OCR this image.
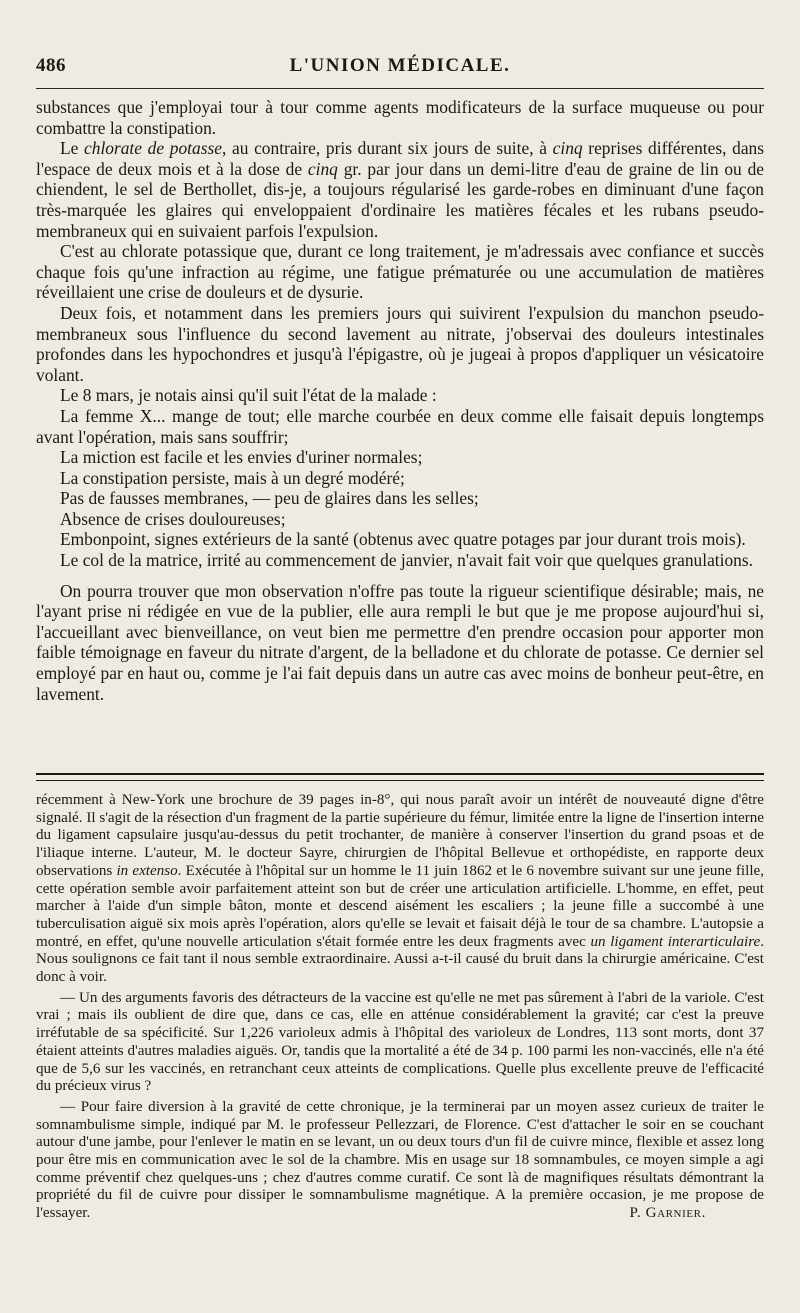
486	L'UNION MÉDICALE.

substances que j'employai tour à tour comme agents modificateurs de la surface muqueuse ou pour combattre la constipation.

Le chlorate de potasse, au contraire, pris durant six jours de suite, à cinq reprises différentes, dans l'espace de deux mois et à la dose de cinq gr. par jour dans un demi-litre d'eau de graine de lin ou de chiendent, le sel de Berthollet, dis-je, a toujours régularisé les garde-robes en diminuant d'une façon très-marquée les glaires qui enveloppaient d'ordinaire les matières fécales et les rubans pseudo-membraneux qui en suivaient parfois l'expulsion.

C'est au chlorate potassique que, durant ce long traitement, je m'adressais avec confiance et succès chaque fois qu'une infraction au régime, une fatigue prématurée ou une accumulation de matières réveillaient une crise de douleurs et de dysurie.

Deux fois, et notamment dans les premiers jours qui suivirent l'expulsion du manchon pseudo-membraneux sous l'influence du second lavement au nitrate, j'observai des douleurs intestinales profondes dans les hypochondres et jusqu'à l'épigastre, où je jugeai à propos d'appliquer un vésicatoire volant.

Le 8 mars, je notais ainsi qu'il suit l'état de la malade :

La femme X... mange de tout; elle marche courbée en deux comme elle faisait depuis longtemps avant l'opération, mais sans souffrir;

La miction est facile et les envies d'uriner normales;

La constipation persiste, mais à un degré modéré;

Pas de fausses membranes, — peu de glaires dans les selles;

Absence de crises douloureuses;

Embonpoint, signes extérieurs de la santé (obtenus avec quatre potages par jour durant trois mois).

Le col de la matrice, irrité au commencement de janvier, n'avait fait voir que quelques granulations.

On pourra trouver que mon observation n'offre pas toute la rigueur scientifique désirable; mais, ne l'ayant prise ni rédigée en vue de la publier, elle aura rempli le but que je me propose aujourd'hui si, l'accueillant avec bienveillance, on veut bien me permettre d'en prendre occasion pour apporter mon faible témoignage en faveur du nitrate d'argent, de la belladone et du chlorate de potasse. Ce dernier sel employé par en haut ou, comme je l'ai fait depuis dans un autre cas avec moins de bonheur peut-être, en lavement.

récemment à New-York une brochure de 39 pages in-8°, qui nous paraît avoir un intérêt de nouveauté digne d'être signalé. Il s'agit de la résection d'un fragment de la partie supérieure du fémur, limitée entre la ligne de l'insertion interne du ligament capsulaire jusqu'au-dessus du petit trochanter, de manière à conserver l'insertion du grand psoas et de l'iliaque interne. L'auteur, M. le docteur Sayre, chirurgien de l'hôpital Bellevue et orthopédiste, en rapporte deux observations in extenso. Exécutée à l'hôpital sur un homme le 11 juin 1862 et le 6 novembre suivant sur une jeune fille, cette opération semble avoir parfaitement atteint son but de créer une articulation artificielle. L'homme, en effet, peut marcher à l'aide d'un simple bâton, monte et descend aisément les escaliers ; la jeune fille a succombé à une tuberculisation aiguë six mois après l'opération, alors qu'elle se levait et faisait déjà le tour de sa chambre. L'autopsie a montré, en effet, qu'une nouvelle articulation s'était formée entre les deux fragments avec un ligament interarticulaire. Nous soulignons ce fait tant il nous semble extraordinaire. Aussi a-t-il causé du bruit dans la chirurgie américaine. C'est donc à voir.

— Un des arguments favoris des détracteurs de la vaccine est qu'elle ne met pas sûrement à l'abri de la variole. C'est vrai ; mais ils oublient de dire que, dans ce cas, elle en atténue considérablement la gravité; car c'est la preuve irréfutable de sa spécificité. Sur 1,226 varioleux admis à l'hôpital des varioleux de Londres, 113 sont morts, dont 37 étaient atteints d'autres maladies aiguës. Or, tandis que la mortalité a été de 34 p. 100 parmi les non-vaccinés, elle n'a été que de 5,6 sur les vaccinés, en retranchant ceux atteints de complications. Quelle plus excellente preuve de l'efficacité du précieux virus ?

— Pour faire diversion à la gravité de cette chronique, je la terminerai par un moyen assez curieux de traiter le somnambulisme simple, indiqué par M. le professeur Pellezzari, de Florence. C'est d'attacher le soir en se couchant autour d'une jambe, pour l'enlever le matin en se levant, un ou deux tours d'un fil de cuivre mince, flexible et assez long pour être mis en communication avec le sol de la chambre. Mis en usage sur 18 somnambules, ce moyen simple a agi comme préventif chez quelques-uns ; chez d'autres comme curatif. Ce sont là de magnifiques résultats démontrant la propriété du fil de cuivre pour dissiper le somnambulisme magnétique. A la première occasion, je me propose de l'essayer.	P. Garnier.
